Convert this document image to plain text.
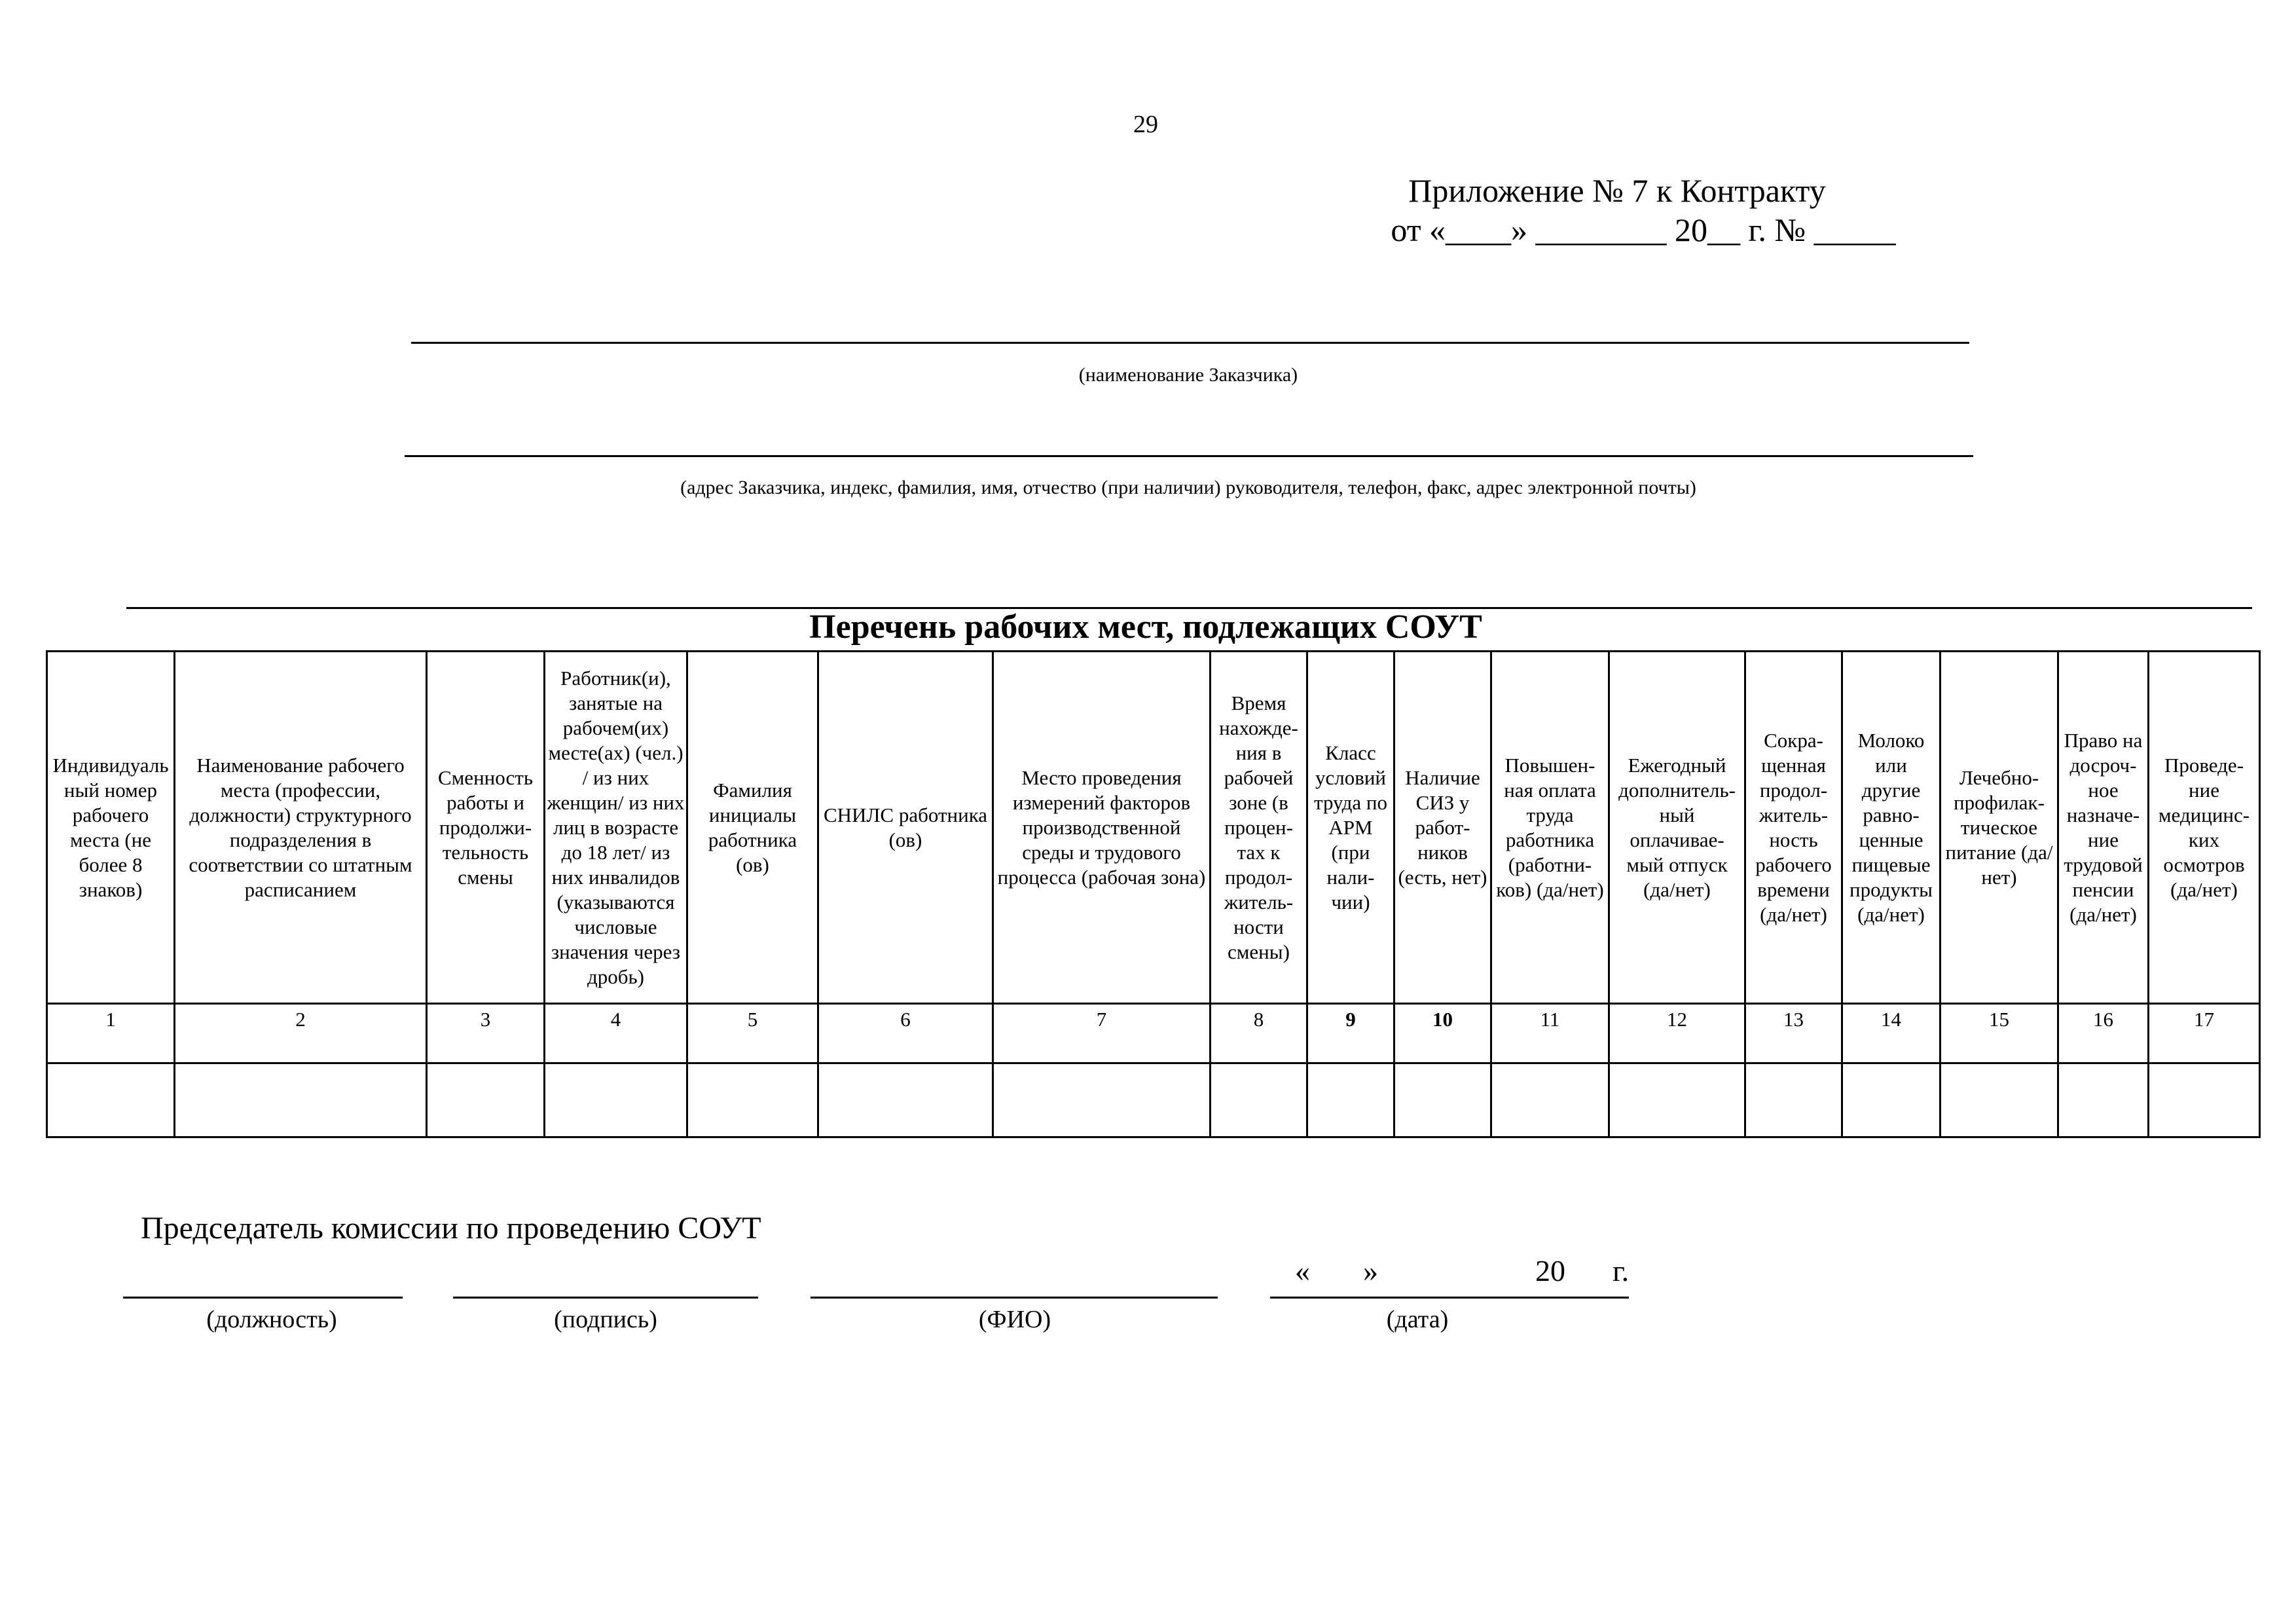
29
Приложение № 7 к Контракту
от «____» ________ 20__ г. № _____
(наименование Заказчика)
(адрес Заказчика, индекс, фамилия, имя, отчество (при наличии) руководителя, телефон, факс, адрес электронной почты)
Перечень рабочих мест, подлежащих СОУТ
Индивидуальный номер рабочего места (не более 8 знаков)	Наименование рабочего места (профессии, должности) структурного подразделения в соответствии со штатным расписанием	Сменность работы и продолжи-тельность смены	Работник(и), занятые на рабочем(их) месте(ах) (чел.) / из них женщин/ из них лиц в возрасте до 18 лет/ из них инвалидов (указываются числовые значения через дробь)	Фамилия инициалы работника (ов)	СНИЛС работника (ов)	Место проведения измерений факторов производственной среды и трудового процесса (рабочая зона)	Время нахожде-ния в рабочей зоне (в процен-тах к продол-житель-ности смены)	Класс условий труда по АРМ (при нали-чии)	Наличие СИЗ у работ-ников (есть, нет)	Повышен-ная оплата труда работника (работни-ков) (да/нет)	Ежегодный дополнитель-ный оплачивае-мый отпуск (да/нет)	Сокра-щенная продол-житель-ность рабочего времени (да/нет)	Молоко или другие равно-ценные пищевые продукты (да/нет)	Лечебно-профилак-тическое питание (да/нет)	Право на досроч-ное назначе-ние трудовой пенсии (да/нет)	Проведе-ние медицинс-ких осмотров (да/нет)
1	2	3	4	5	6	7	8	9	10	11	12	13	14	15	16	17

Председатель комиссии по проведению СОУТ
« »	20 г.
(должность)	(подпись)	(ФИО)	(дата)
